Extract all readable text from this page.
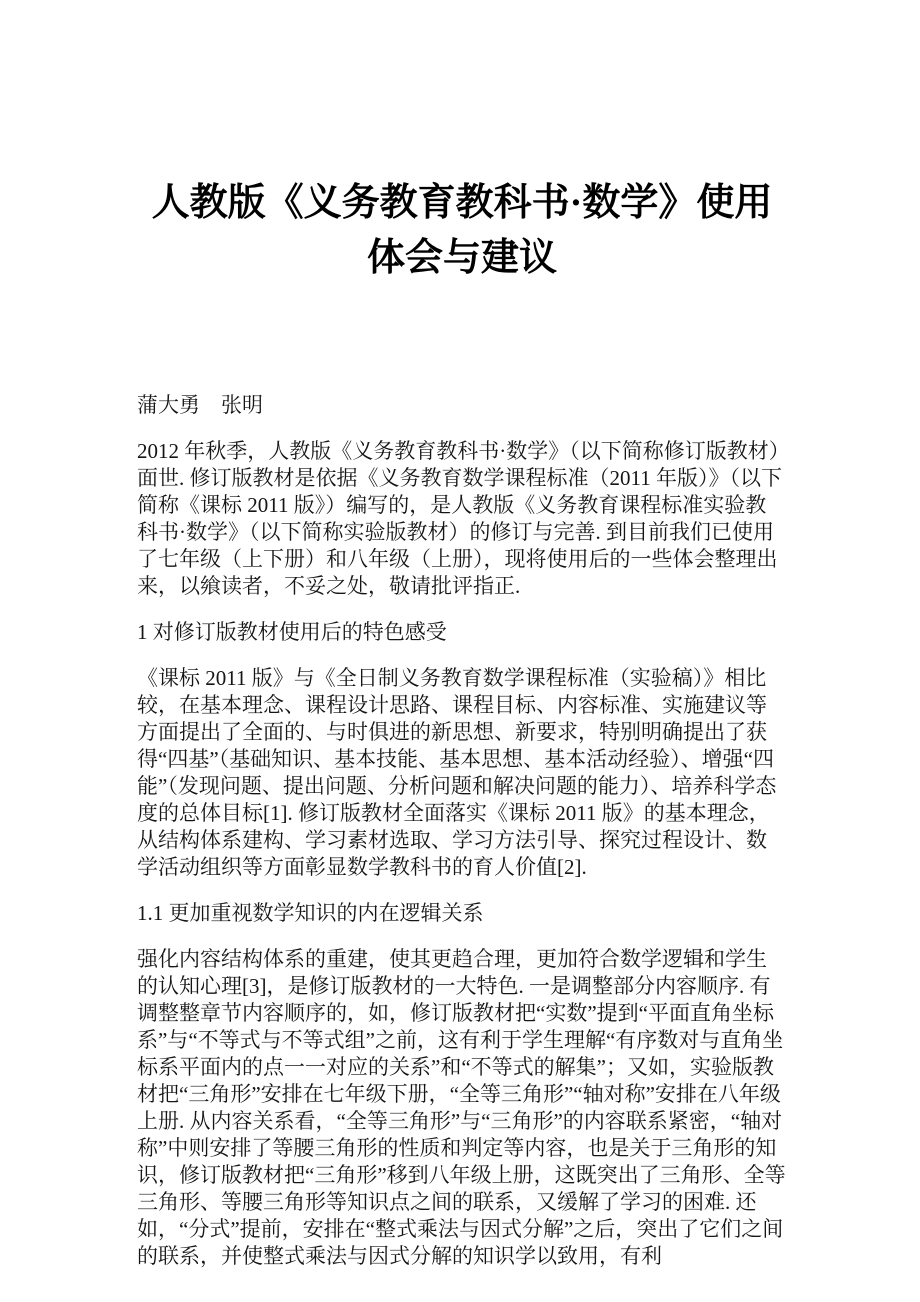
人教版《义务教育教科书·数学》使用体会与建议

蒲大勇　张明

2012 年秋季，人教版《义务教育教科书·数学》（以下简称修订版教材）面世. 修订版教材是依据《义务教育数学课程标准（2011 年版）》（以下简称《课标 2011 版》）编写的，是人教版《义务教育课程标准实验教科书·数学》（以下简称实验版教材）的修订与完善. 到目前我们已使用了七年级（上下册）和八年级（上册），现将使用后的一些体会整理出来，以飨读者，不妥之处，敬请批评指正.

1 对修订版教材使用后的特色感受

《课标 2011 版》与《全日制义务教育数学课程标准（实验稿）》相比较，在基本理念、课程设计思路、课程目标、内容标准、实施建议等方面提出了全面的、与时俱进的新思想、新要求，特别明确提出了获得“四基”（基础知识、基本技能、基本思想、基本活动经验）、增强“四能”（发现问题、提出问题、分析问题和解决问题的能力）、培养科学态度的总体目标[1]. 修订版教材全面落实《课标 2011 版》的基本理念，从结构体系建构、学习素材选取、学习方法引导、探究过程设计、数学活动组织等方面彰显数学教科书的育人价值[2].

1.1 更加重视数学知识的内在逻辑关系

强化内容结构体系的重建，使其更趋合理，更加符合数学逻辑和学生的认知心理[3]，是修订版教材的一大特色. 一是调整部分内容顺序. 有调整整章节内容顺序的，如，修订版教材把“实数”提到“平面直角坐标系”与“不等式与不等式组”之前，这有利于学生理解“有序数对与直角坐标系平面内的点一一对应的关系”和“不等式的解集”；又如，实验版教材把“三角形”安排在七年级下册，“全等三角形”“轴对称”安排在八年级上册. 从内容关系看，“全等三角形”与“三角形”的内容联系紧密，“轴对称”中则安排了等腰三角形的性质和判定等内容，也是关于三角形的知识，修订版教材把“三角形”移到八年级上册，这既突出了三角形、全等三角形、等腰三角形等知识点之间的联系，又缓解了学习的困难. 还如，“分式”提前，安排在“整式乘法与因式分解”之后，突出了它们之间的联系，并使整式乘法与因式分解的知识学以致用，有利
